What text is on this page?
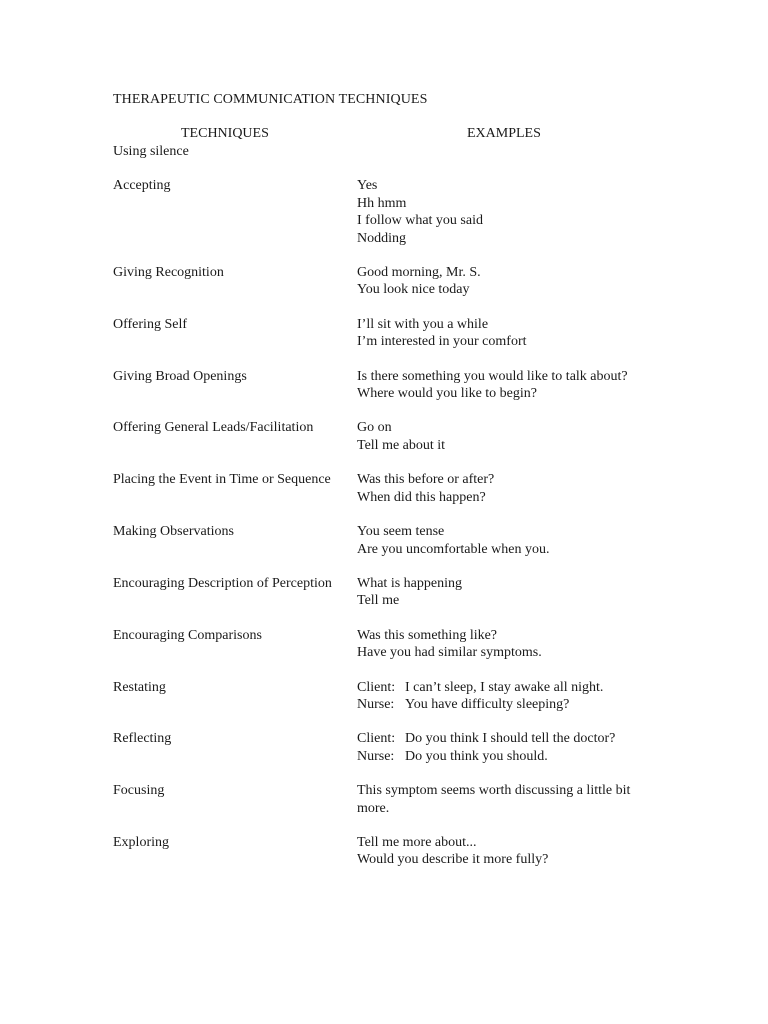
THERAPEUTIC COMMUNICATION TECHNIQUES
TECHNIQUES	EXAMPLES
Using silence
Accepting	Yes
Hh hmm
I follow what you said
Nodding
Giving Recognition	Good morning, Mr. S.
You look nice today
Offering Self	I’ll sit with you a while
I’m interested in your comfort
Giving Broad Openings	Is there something you would like to talk about?
Where would you like to begin?
Offering General Leads/Facilitation	Go on
Tell me about it
Placing the Event in Time or Sequence	Was this before or after?
When did this happen?
Making Observations	You seem tense
Are you uncomfortable when you.
Encouraging Description of Perception	What is happening
Tell me
Encouraging Comparisons	Was this something like?
Have you had similar symptoms.
Restating	Client: I can’t sleep, I stay awake all night.
Nurse: You have difficulty sleeping?
Reflecting	Client: Do you think I should tell the doctor?
Nurse: Do you think you should.
Focusing	This symptom seems worth discussing a little bit more.
Exploring	Tell me more about...
Would you describe it more fully?
